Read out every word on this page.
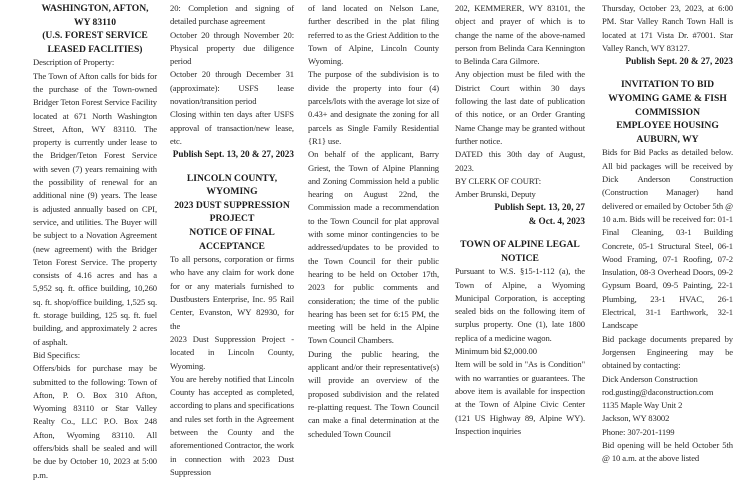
WASHINGTON, AFTON, WY 83110
(U.S. FOREST SERVICE LEASED FACLITIES)
Description of Property:
The Town of Afton calls for bids for the purchase of the Town-owned Bridger Teton Forest Service Facility located at 671 North Washington Street, Afton, WY 83110. The property is currently under lease to the Bridger/Teton Forest Service with seven (7) years remaining with the possibility of renewal for an additional nine (9) years. The lease is adjusted annually based on CPI, service, and utilities. The Buyer will be subject to a Novation Agreement (new agreement) with the Bridger Teton Forest Service. The property consists of 4.16 acres and has a 5,952 sq. ft. office building, 10,260 sq. ft. shop/office building, 1,525 sq. ft. storage building, 125 sq. ft. fuel building, and approximately 2 acres of asphalt.
Bid Specifics:
Offers/bids for purchase may be submitted to the following: Town of Afton, P. O. Box 310 Afton, Wyoming 83110 or Star Valley Realty Co., LLC P.O. Box 248 Afton, Wyoming 83110. All offers/bids shall be sealed and will be due by October 10, 2023 at 5:00 p.m.
20: Completion and signing of detailed purchase agreement
October 20 through November 20: Physical property due diligence period
October 20 through December 31 (approximate): USFS lease novation/transition period
Closing within ten days after USFS approval of transaction/new lease, etc.
Publish Sept. 13, 20 & 27, 2023
LINCOLN COUNTY, WYOMING
2023 DUST SUPPRESSION PROJECT
NOTICE OF FINAL ACCEPTANCE
To all persons, corporation or firms who have any claim for work done for or any materials furnished to Dustbusters Enterprise, Inc. 95 Rail Center, Evanston, WY 82930, for the
2023 Dust Suppression Project - located in Lincoln County, Wyoming.
You are hereby notified that Lincoln County has accepted as completed, according to plans and specifications and rules set forth in the Agreement between the County and the aforementioned Contractor, the work in connection with 2023 Dust Suppression
of land located on Nelson Lane, further described in the plat filing referred to as the Griest Addition to the Town of Alpine, Lincoln County Wyoming.
The purpose of the subdivision is to divide the property into four (4) parcels/lots with the average lot size of 0.43+ and designate the zoning for all parcels as Single Family Residential {R1} use.
On behalf of the applicant, Barry Griest, the Town of Alpine Planning and Zoning Commission held a public hearing on August 22nd, the Commission made a recommendation to the Town Council for plat approval with some minor contingencies to be addressed/updates to be provided to the Town Council for their public hearing to be held on October 17th, 2023 for public comments and consideration; the time of the public hearing has been set for 6:15 PM, the meeting will be held in the Alpine Town Council Chambers.
During the public hearing, the applicant and/or their representative(s) will provide an overview of the proposed subdivision and the related re-platting request. The Town Council can make a final determination at the scheduled Town Council
202, KEMMERER, WY 83101, the object and prayer of which is to change the name of the above-named person from Belinda Cara Kennington to Belinda Cara Gilmore.
Any objection must be filed with the District Court within 30 days following the last date of publication of this notice, or an Order Granting Name Change may be granted without further notice.
DATED this 30th day of August, 2023.
BY CLERK OF COURT:
Amber Brunski, Deputy
Publish Sept. 13, 20, 27
& Oct. 4, 2023
TOWN OF ALPINE LEGAL NOTICE
Pursuant to W.S. §15-1-112 (a), the Town of Alpine, a Wyoming Municipal Corporation, is accepting sealed bids on the following item of surplus property. One (1), late 1800 replica of a medicine wagon.
Minimum bid $2,000.00
Item will be sold in "As is Condition" with no warranties or guarantees. The above item is available for inspection at the Town of Alpine Civic Center (121 US Highway 89, Alpine WY). Inspection inquiries
Thursday, October 23, 2023, at 6:00 PM. Star Valley Ranch Town Hall is located at 171 Vista Dr. #7001. Star Valley Ranch, WY 83127.
Publish Sept. 20 & 27, 2023
INVITATION TO BID
WYOMING GAME & FISH COMMISSION
EMPLOYEE HOUSING
AUBURN, WY
Bids for Bid Packs as detailed below. All bid packages will be received by Dick Anderson Construction (Construction Manager) hand delivered or emailed by October 5th @ 10 a.m. Bids will be received for: 01-1 Final Cleaning, 03-1 Building Concrete, 05-1 Structural Steel, 06-1 Wood Framing, 07-1 Roofing, 07-2 Insulation, 08-3 Overhead Doors, 09-2 Gypsum Board, 09-5 Painting, 22-1 Plumbing, 23-1 HVAC, 26-1 Electrical, 31-1 Earthwork, 32-1 Landscape
Bid package documents prepared by Jorgensen Engineering may be obtained by contacting:
Dick Anderson Construction
rod.gusting@daconstruction.com
1135 Maple Way Unit 2
Jackson, WY 83002
Phone: 307-201-1199
Bid opening will be held October 5th @ 10 a.m. at the above listed
